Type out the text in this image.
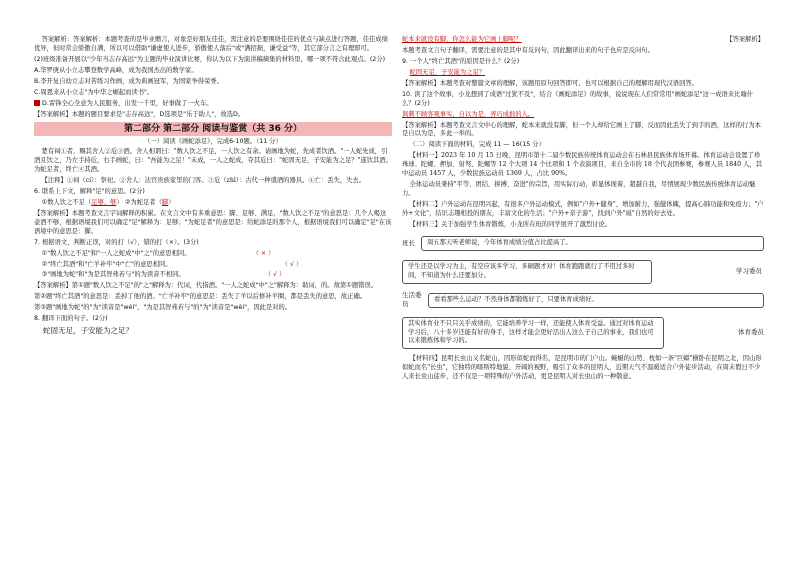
答案解析：答案解析：本题考查的是毕业赠言，对象是好朋友佳佳，需注意的是要围绕佳佳的优点与缺点进行答题，佳佳成绩优异，但时常会骄傲自满，所以可以借助"谦虚使人进步，骄傲使人落后"或"满招损，谦受益"等，其它部分言之有理即可。

(2)班级准备开展以"少年当志存高远"为主题的毕业演讲比赛，你认为以下为演讲稿摘集的材料里，哪一项不符合此观点。(2分)

A.华罗庚从小立志攀登数学高峰，成为我国杰出的数学家。

B.李开复自幼立志对苦练习作画，成为典画冠军，为国家争得荣誉。

C.周恩来从小立志"为中华之崛起而读书"。

D.雷锋全心全意为人民服务，出发一千里，好事做了一火车。

【答案解析】本题的题目要求是"志存高远"，D选项是"乐于助人"，故选D。

第二部分 第二部分 阅读与鉴赏（共 36 分）

（一）阅读《画蛇添足》，完成6-10题。（11 分）

楚有祠①者，赐其舍人②卮③酒。舍人相谓曰："数人饮之不足，一人饮之有余。请画地为蛇，先成者饮酒。"一人蛇先成，引酒且饮之，乃左手持卮，右手画蛇，曰："吾能为之足！"未成，一人之蛇成，夺其卮曰："蛇固无足，子安能为之足？"遂饮其酒。为蛇足者，终亡④其酒。

【注释】①祠（cí）：祭祀。②舍人：达官贵族家里的门客。③卮（zhī）：古代一种盛酒的器具。④亡：丢失，失去。

6. 联系上下文，解释"足"的意思。(2分)

①数人饮之不足（足够，够） ②为蛇足者（脚）

【答案解析】本题考查文言字词解释的积累。在文言文中有多重意思：脚、足够、满足，"数人饮之不足"的意思是：几个人喝这壶酒不够，根据语境我们可以确定"足"解释为：足够；"为蛇足者"的意思是：给蛇添足的那个人，根据语境我们可以确定"足"在该语境中的意思是：脚。

7. 根据语文，判断正误，对的打（√），错的打（×）。(3分)

①"数人饮之不足"和"一人之蛇成"中"之"的意思相同。	（ × ）

②"终亡其酒"和"亡羊补牢"中"亡"的意思相同。	（ √ ）

③"画地为蛇"和"为是其智弗若与"的为读音不相同。	（ √ ）

【答案解析】第①题"数人饮之不足"的"之"解释为：代词，代指酒。"一人之蛇成"中"之"解释为：助词，的。故第①题错误。

第②题"终亡其酒"的意思是：丢掉了他的酒。"亡羊补牢"的意思是：丢失了羊以后修补羊圈，都是丢失的意思，故正确。

第③题"画地为蛇"的"为"读音是"wéi"，"为是其智弗若与"的"为"读音是"wèi"，因此是对的。

8. 翻译下面的句子。(2分)

蛇固无足，子安能为之足？

蛇本来就没有脚，你怎么能为它画上脚呢？	【答案解析】

本题考查文言句子翻译，需要注意的是其中有反问句，因此翻译出来的句子也应是反问句。

9. 一个人"终亡其酒"的原因是什么？(2分)

蛇固无足，子安能为之足？

【答案解析】本题考查对整篇文章的理解，该题用原句回答即可，也可以根据自己的理解用现代汉语回答。

10. 读了这个故事，小龙想到了成语"过犹不及"，结合《画蛇添足》的故事，说说现在人们常常用"画蛇添足"这一成语来比喻什么？(2分)

讽刺不顾客观事实，自以为是，弄巧成拙的人。

【答案解析】本题考查文言文中心的理解，蛇本来就没有脚，但一个人却给它画上了脚，反而因此丢失了到手的酒，这样的行为本是自以为是，多此一举的。

（二）阅读下面的材料，完成 11 — 16(15 分）

【材料一】2023 年 10 月 15 日晚，昆明市第十二届少数民族传统体育运动会在石林县民族体育场开幕。体育运动会设置了珍珠球、陀螺、押加、射弩、陀螺等 12 个大项 14 个比项和 1 个表演项目，来自全市的 18 个代表团参赛，参赛人员 1840 人，其中运动员 1457 人，少数民族运动员 1369 人，占比 90%。

全体运动员秉持"平等、团结、拼搏、奋进"的宗旨，用实际行动，彰显体现着，超越自我，尽情展现少数民族传统体育运动魅力。

【材料二】户外运动在昆明兴起，有很多户外运动模式，例如"户外+健身"，增加耐力，强健体魄，提高心肺功能和免疫力；"户外+文化"，结识志趣相投的朋友，丰富文化的生活；"户外+亲子游"，找到户外"诞"自然的好去处。

【材料三】关于加强学生体育锻炼，小龙所在班的同学展开了激烈讨论。

班长	周五那天听老师说，今年体育成绩分值占比提高了。
学生还是以学习为主，有空应该多学习，多刷题才对！体育跑跑就行了不用过多时间，不知道为什么还要加分。
学习委员
生活委员
看看那些么运动？不然身体都锻炼好了，只要体育成绩好。
其实体育业不只只关乎成绩的，它能培养学习一样，还能使人体育受益。通过对体育运动学习后，八十多岁还能有好的身手，这样才能会更好活出人这么子自己的事业，我们也可以来锻炼体和学习的。
体育委员

【材料四】昆明长虫山又名蛇山，因形似蛇而得名，是昆明市的门户山。蜿蜒的山势、枕如一条"巨蟒"横卧在昆明之北，因山形似蛇而名"长虫"，它独特的喀斯特地貌、开阔的视野，吸引了众多的昆明人，近期天气不温暖适合户外徒步活动，在周末假日不少人来长虫山徒步，还不仅是一项特殊的户外活动，更是昆明人对长虫山的一种敬意。
